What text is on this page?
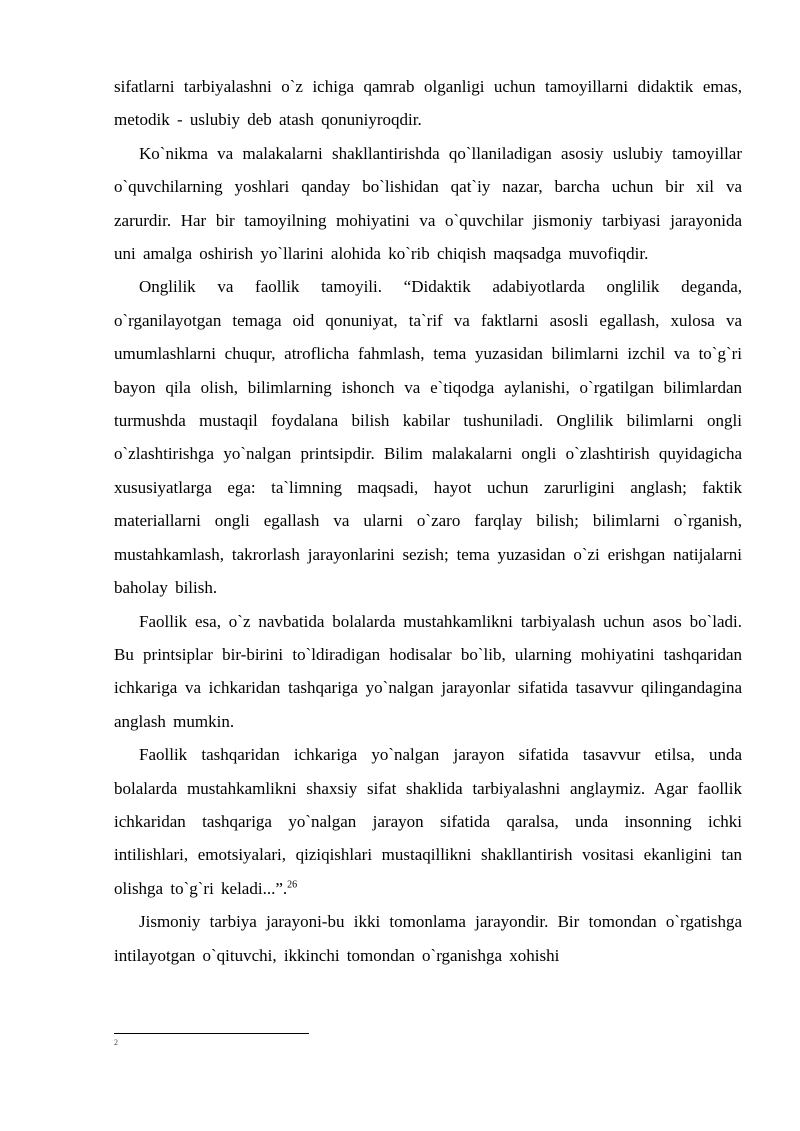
sifatlarni tarbiyalashni o`z ichiga qamrab olganligi uchun tamoyillarni didaktik emas, metodik - uslubiy deb atash qonuniyroqdir.

Ko`nikma va malakalarni shakllantirishda qo`llaniladigan asosiy uslubiy tamoyillar o`quvchilarning yoshlari qanday bo`lishidan qat`iy nazar, barcha uchun bir xil va zarurdir. Har bir tamoyilning mohiyatini va o`quvchilar jismoniy tarbiyasi jarayonida uni amalga oshirish yo`llarini alohida ko`rib chiqish maqsadga muvofiqdir.

Onglilik va faollik tamoyili. “Didaktik adabiyotlarda onglilik deganda, o`rganilayotgan temaga oid qonuniyat, ta`rif va faktlarni asosli egallash, xulosa va umumlashlarni chuqur, atroflicha fahmlash, tema yuzasidan bilimlarni izchil va to`g`ri bayon qila olish, bilimlarning ishonch va e`tiqodga aylanishi, o`rgatilgan bilimlardan turmushda mustaqil foydalana bilish kabilar tushuniladi. Onglilik bilimlarni ongli o`zlashtirishga yo`nalgan printsipdir. Bilim malakalarni ongli o`zlashtirish quyidagicha xususiyatlarga ega: ta`limning maqsadi, hayot uchun zarurligini anglash; faktik materiallarni ongli egallash va ularni o`zaro farqlay bilish; bilimlarni o`rganish, mustahkamlash, takrorlash jarayonlarini sezish; tema yuzasidan o`zi erishgan natijalarni baholay bilish.

Faollik esa, o`z navbatida bolalarda mustahkamlikni tarbiyalash uchun asos bo`ladi. Bu printsiplar bir-birini to`ldiradigan hodisalar bo`lib, ularning mohiyatini tashqaridan ichkariga va ichkaridan tashqariga yo`nalgan jarayonlar sifatida tasavvur qilingandagina anglash mumkin.

Faollik tashqaridan ichkariga yo`nalgan jarayon sifatida tasavvur etilsa, unda bolalarda mustahkamlikni shaxsiy sifat shaklida tarbiyalashni anglaymiz. Agar faollik ichkaridan tashqariga yo`nalgan jarayon sifatida qaralsa, unda insonning ichki intilishlari, emotsiyalari, qiziqishlari mustaqillikni shakllantirish vositasi ekanligini tan olishga to`g`ri keladi...”.$^{26}$

Jismoniy tarbiya jarayoni-bu ikki tomonlama jarayondir. Bir tomondan o`rgatishga intilayotgan o`qituvchi, ikkinchi tomondan o`rganishga xohishi

2
